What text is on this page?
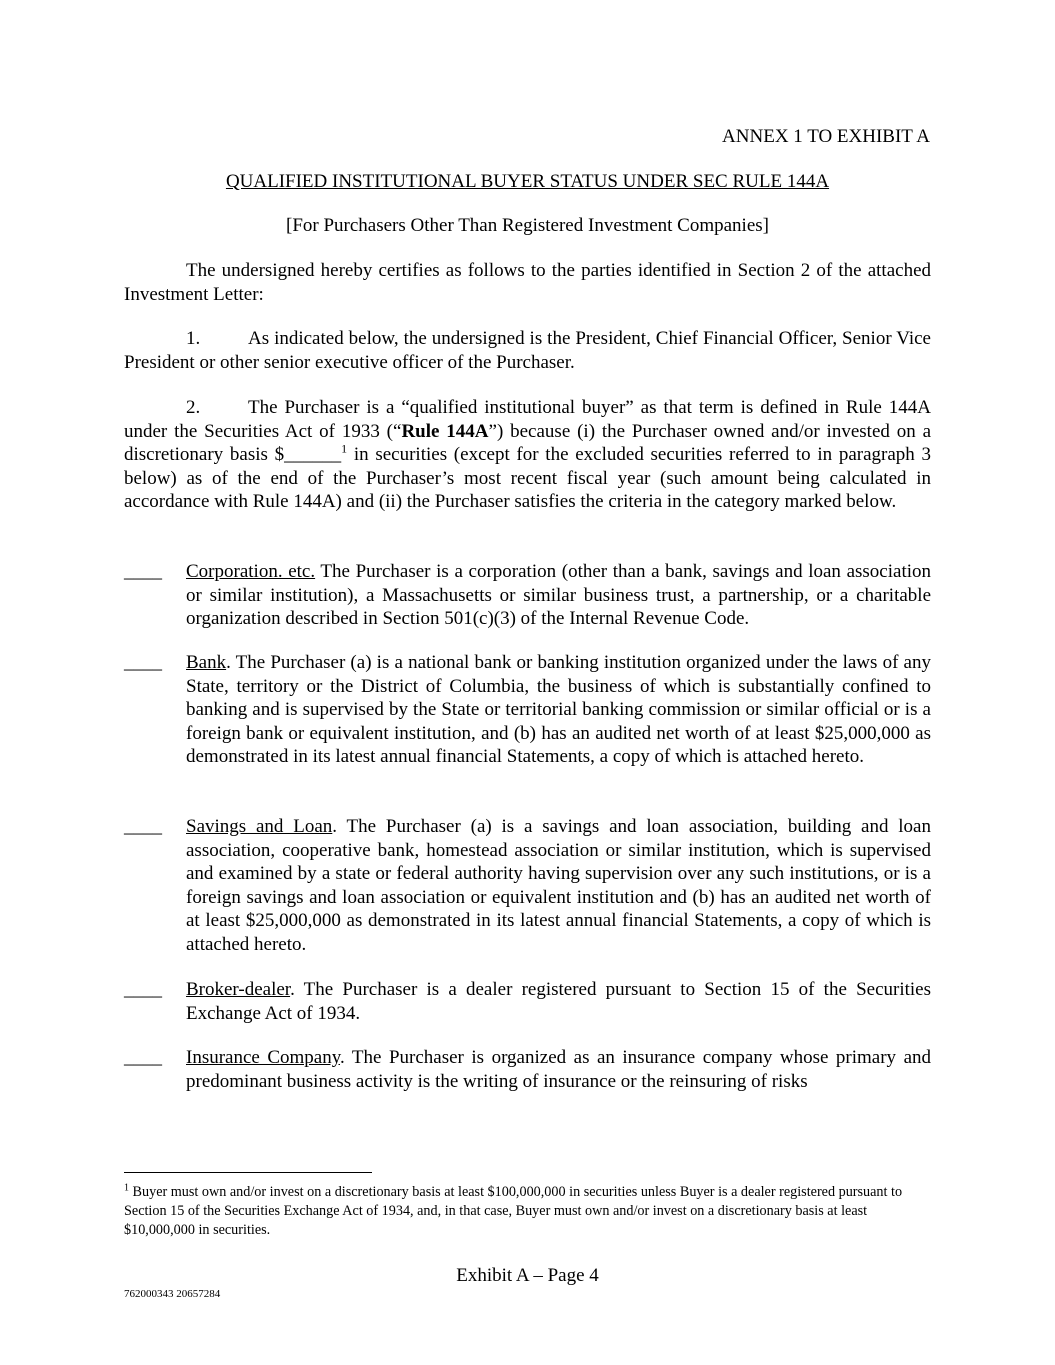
ANNEX 1 TO EXHIBIT A
QUALIFIED INSTITUTIONAL BUYER STATUS UNDER SEC RULE 144A
[For Purchasers Other Than Registered Investment Companies]
The undersigned hereby certifies as follows to the parties identified in Section 2 of the attached Investment Letter:
1.	As indicated below, the undersigned is the President, Chief Financial Officer, Senior Vice President or other senior executive officer of the Purchaser.
2.	The Purchaser is a “qualified institutional buyer” as that term is defined in Rule 144A under the Securities Act of 1933 (“Rule 144A”) because (i) the Purchaser owned and/or invested on a discretionary basis $______$^1$ in securities (except for the excluded securities referred to in paragraph 3 below) as of the end of the Purchaser’s most recent fiscal year (such amount being calculated in accordance with Rule 144A) and (ii) the Purchaser satisfies the criteria in the category marked below.
____	Corporation. etc. The Purchaser is a corporation (other than a bank, savings and loan association or similar institution), a Massachusetts or similar business trust, a partnership, or a charitable organization described in Section 501(c)(3) of the Internal Revenue Code.
____	Bank. The Purchaser (a) is a national bank or banking institution organized under the laws of any State, territory or the District of Columbia, the business of which is substantially confined to banking and is supervised by the State or territorial banking commission or similar official or is a foreign bank or equivalent institution, and (b) has an audited net worth of at least $25,000,000 as demonstrated in its latest annual financial Statements, a copy of which is attached hereto.
____	Savings and Loan. The Purchaser (a) is a savings and loan association, building and loan association, cooperative bank, homestead association or similar institution, which is supervised and examined by a state or federal authority having supervision over any such institutions, or is a foreign savings and loan association or equivalent institution and (b) has an audited net worth of at least $25,000,000 as demonstrated in its latest annual financial Statements, a copy of which is attached hereto.
____	Broker-dealer. The Purchaser is a dealer registered pursuant to Section 15 of the Securities Exchange Act of 1934.
____	Insurance Company. The Purchaser is organized as an insurance company whose primary and predominant business activity is the writing of insurance or the reinsuring of risks
$^1$ Buyer must own and/or invest on a discretionary basis at least $100,000,000 in securities unless Buyer is a dealer registered pursuant to Section 15 of the Securities Exchange Act of 1934, and, in that case, Buyer must own and/or invest on a discretionary basis at least $10,000,000 in securities.
Exhibit A – Page 4
762000343 20657284
